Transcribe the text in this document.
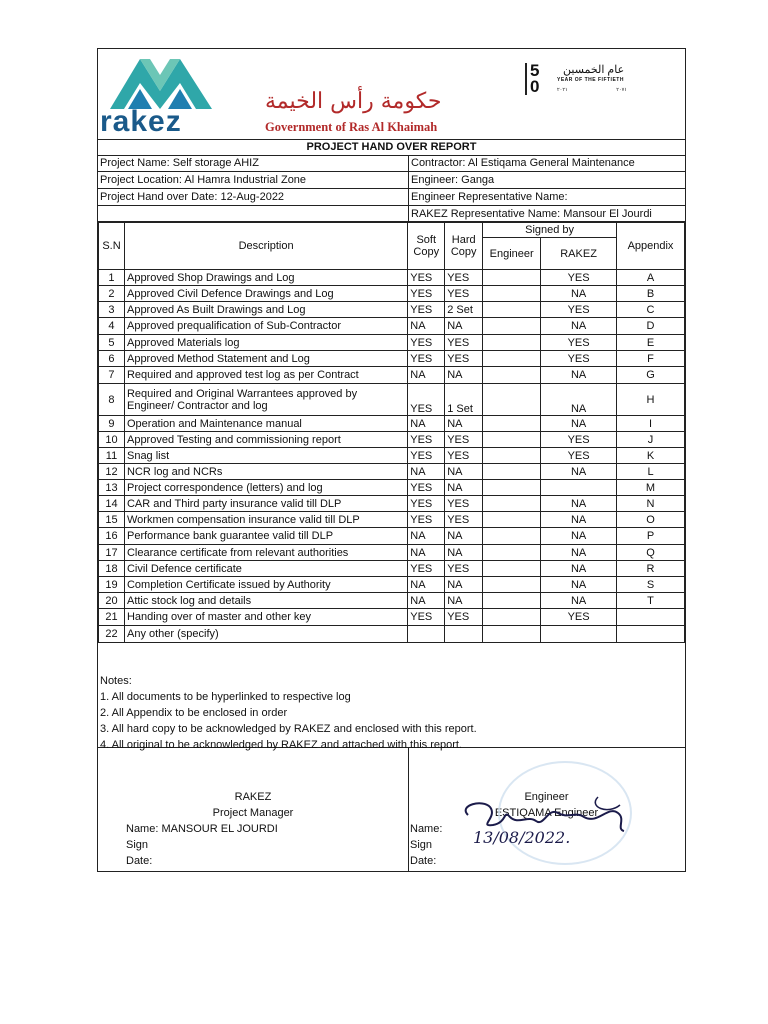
rakez
حكومة رأس الخيمة
Government of Ras Al Khaimah
5
0
عام الخمسين
YEAR OF THE FIFTIETH
٢٠٢١	٢٠٧١
PROJECT HAND OVER REPORT
Project Name: Self storage AHIZ	Contractor: Al Estiqama General Maintenance
Project Location: Al Hamra Industrial Zone	Engineer: Ganga
Project Hand over Date: 12-Aug-2022	Engineer Representative Name:
RAKEZ Representative Name: Mansour El Jourdi
S.N	Description	Soft Copy	Hard Copy	Signed by		Appendix
				Engineer	RAKEZ	
1	Approved Shop Drawings and Log	YES	YES		YES	A
2	Approved Civil Defence Drawings and Log	YES	YES		NA	B
3	Approved As Built Drawings and Log	YES	2 Set		YES	C
4	Approved prequalification of Sub-Contractor	NA	NA		NA	D
5	Approved Materials log	YES	YES		YES	E
6	Approved Method Statement and Log	YES	YES		YES	F
7	Required and approved test log as per Contract	NA	NA		NA	G
8	Required and Original Warrantees approved by Engineer/ Contractor and log	YES	1 Set		NA	H
9	Operation and Maintenance manual	NA	NA		NA	I
10	Approved Testing and commissioning report	YES	YES		YES	J
11	Snag list	YES	YES		YES	K
12	NCR log and NCRs	NA	NA		NA	L
13	Project correspondence (letters) and log	YES	NA			M
14	CAR and Third party insurance valid till DLP	YES	YES		NA	N
15	Workmen compensation insurance valid till DLP	YES	YES		NA	O
16	Performance bank guarantee valid till DLP	NA	NA		NA	P
17	Clearance certificate from relevant authorities	NA	NA		NA	Q
18	Civil Defence certificate	YES	YES		NA	R
19	Completion Certificate issued by Authority	NA	NA		NA	S
20	Attic stock log and details	NA	NA		NA	T
21	Handing over of master and other key	YES	YES		YES	
22	Any other (specify)					
Notes:
1. All documents to be hyperlinked to respective log
2. All Appendix to be enclosed in order
3. All hard copy to be acknowledged by RAKEZ and enclosed with this report.
4. All original to be acknowledged by RAKEZ and attached with this report.
RAKEZ
Project Manager
Name: MANSOUR EL JOURDI
Sign
Date:
Engineer
ESTIQAMA Engineer
Name:
Sign
Date:
13/08/2022.
